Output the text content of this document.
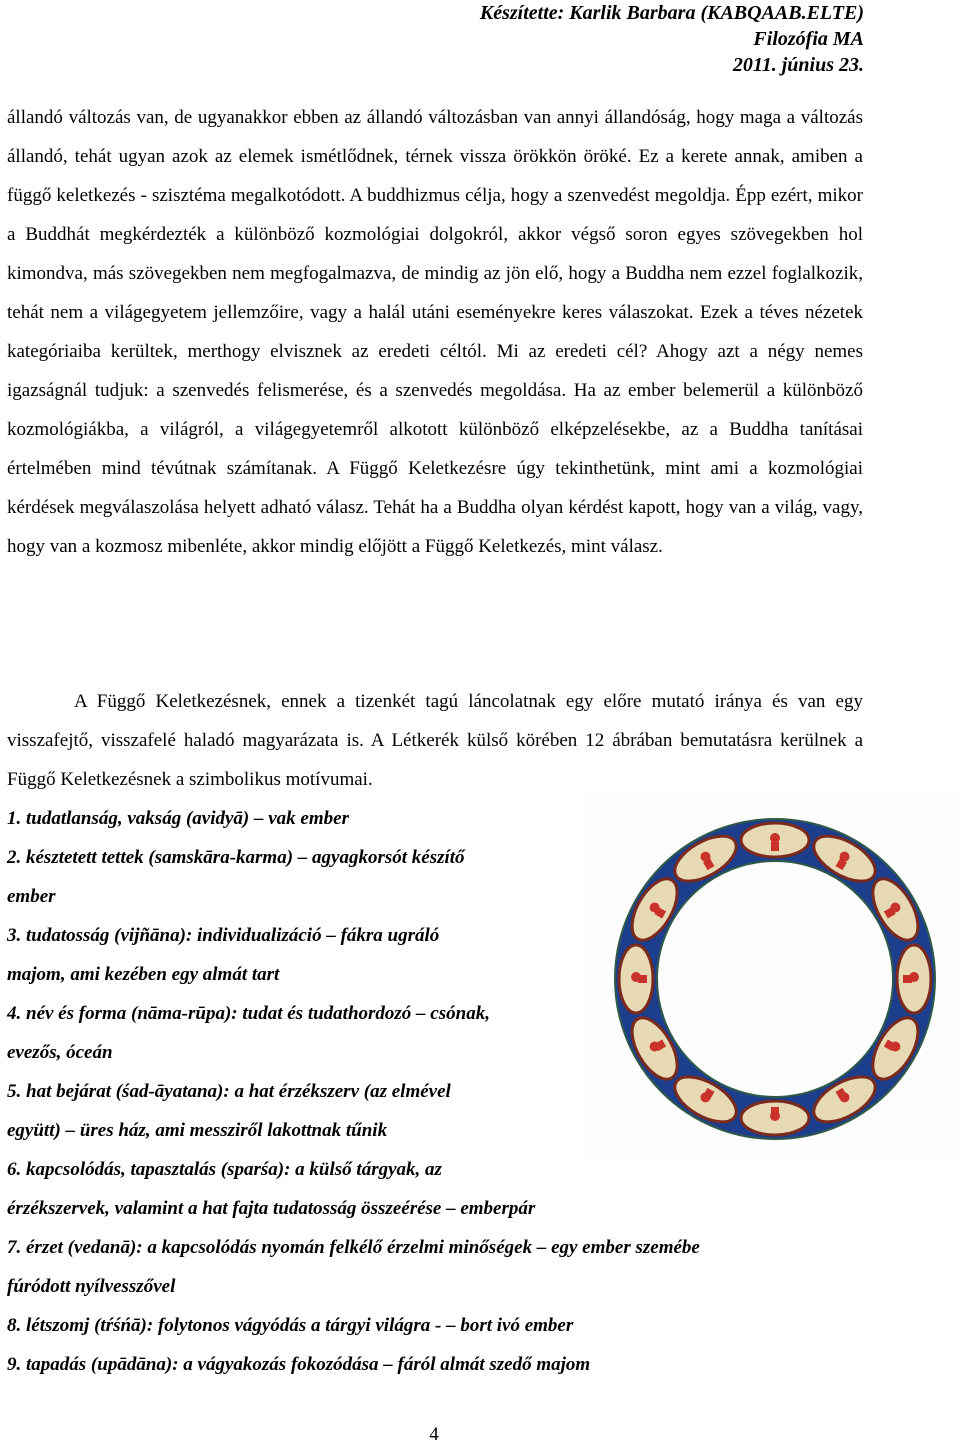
Készítette: Karlik Barbara (KABQAAB.ELTE)
Filozófia MA
2011. június 23.

állandó változás van, de ugyanakkor ebben az állandó változásban van annyi állandóság, hogy maga a változás állandó, tehát ugyan azok az elemek ismétlődnek, térnek vissza örökkön öröké. Ez a kerete annak, amiben a függő keletkezés - szisztéma megalkotódott. A buddhizmus célja, hogy a szenvedést megoldja. Épp ezért, mikor a Buddhát megkérdezték a különböző kozmológiai dolgokról, akkor végső soron egyes szövegekben hol kimondva, más szövegekben nem megfogalmazva, de mindig az jön elő, hogy a Buddha nem ezzel foglalkozik, tehát nem a világegyetem jellemzőire, vagy a halál utáni eseményekre keres válaszokat. Ezek a téves nézetek kategóriaiba kerültek, merthogy elvisznek az eredeti céltól. Mi az eredeti cél? Ahogy azt a négy nemes igazságnál tudjuk: a szenvedés felismerése, és a szenvedés megoldása. Ha az ember belemerül a különböző kozmológiákba, a világról, a világegyetemről alkotott különböző elképzelésekbe, az a Buddha tanításai értelmében mind tévútnak számítanak. A Függő Keletkezésre úgy tekinthetünk, mint ami a kozmológiai kérdések megválaszolása helyett adható válasz. Tehát ha a Buddha olyan kérdést kapott, hogy van a világ, vagy, hogy van a kozmosz mibenléte, akkor mindig előjött a Függő Keletkezés, mint válasz.

A Függő Keletkezésnek, ennek a tizenkét tagú láncolatnak egy előre mutató iránya és van egy visszafejtő, visszafelé haladó magyarázata is. A Létkerék külső körében 12 ábrában bemutatásra kerülnek a Függő Keletkezésnek a szimbolikus motívumai.

1. tudatlanság, vakság (avidyā) – vak ember
2. késztetett tettek (samskāra-karma) – agyagkorsót készítő
ember
3. tudatosság (vijñāna): individualizáció – fákra ugráló
majom, ami kezében egy almát tart
4. név és forma (nāma-rūpa): tudat és tudathordozó – csónak,
evezős, óceán
5. hat bejárat (śad-āyatana): a hat érzékszerv (az elmével
együtt) – üres ház, ami messziről lakottnak tűnik
6. kapcsolódás, tapasztalás (sparśa): a külső tárgyak, az
érzékszervek, valamint a hat fajta tudatosság összeérése – emberpár
7. érzet (vedanā): a kapcsolódás nyomán felkélő érzelmi minőségek – egy ember szemébe
fúródott nyílvesszővel
8. létszomj (tŕśńā): folytonos vágyódás a tárgyi világra - – bort ivó ember
9. tapadás (upādāna): a vágyakozás fokozódása – fáról almát szedő majom
4
